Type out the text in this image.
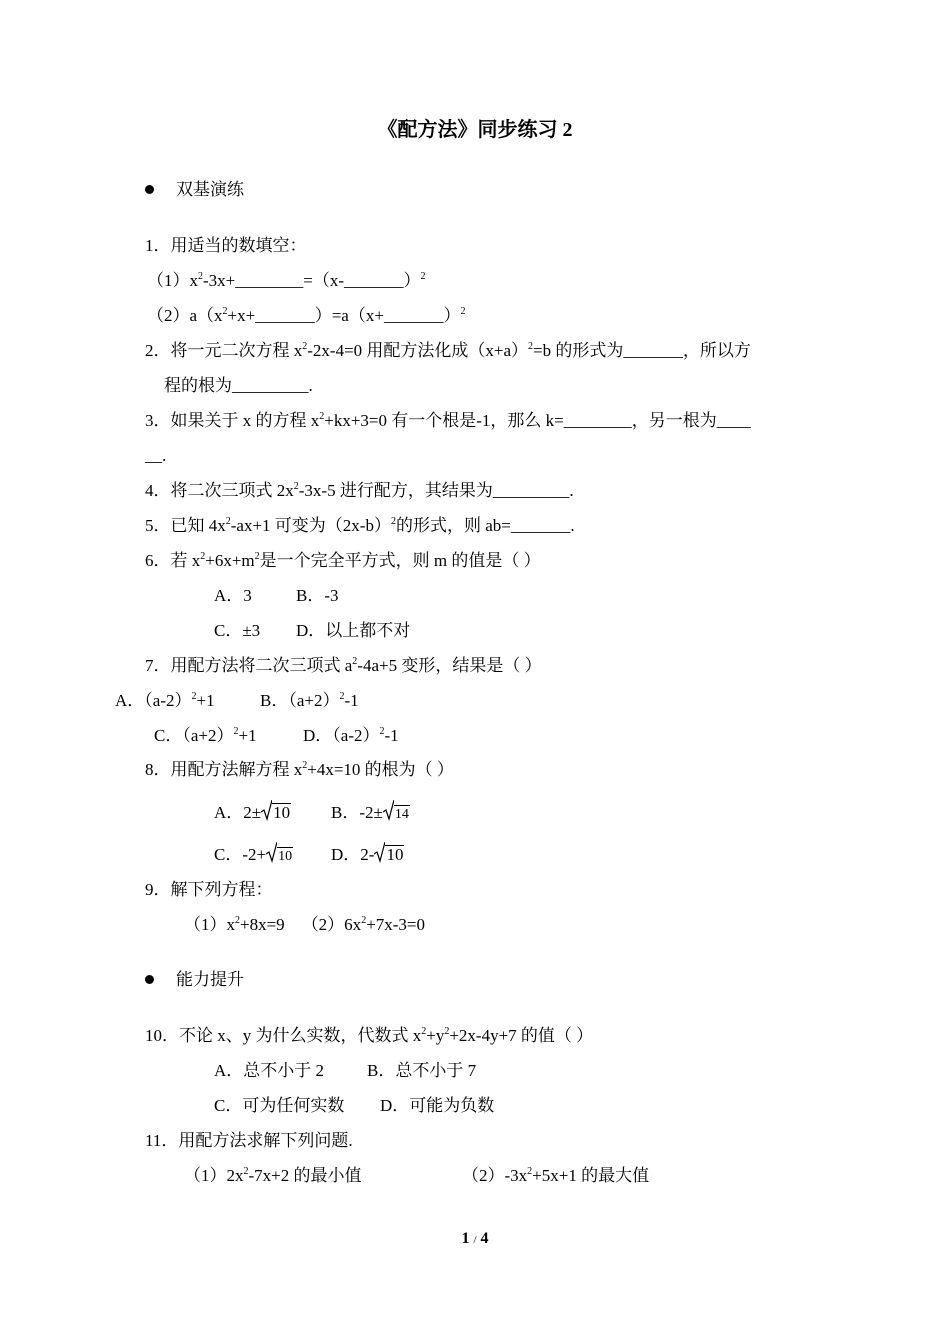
《配方法》同步练习 2
双基演练
1．用适当的数填空：
$(1)x^2-3x+\_\_\_\_\_\_\_\_=(x-\_\_\_\_\_\_\_)^2$
$(2)a(x^2+x+\_\_\_\_\_\_\_)=a(x+\_\_\_\_\_\_\_)^2$
2．将一元二次方程 $x^2-2x-4=0$ 用配方法化成$(x+a)^2=b$ 的形式为_______，所以方
程的根为_________.
3．如果关于 x 的方程 $x^2+kx+3=0$ 有一个根是-1，那么 k=________，另一根为____
__.
4．将二次三项式 $2x^2-3x-5$ 进行配方，其结果为_________.
5．已知 $4x^2-ax+1$ 可变为$(2x-b)^2$的形式，则 ab=_______.
6．若 $x^2+6x+m^2$是一个完全平方式，则 m 的值是（ ）
A．3	B．-3
C．±3 D．以上都不对
7．用配方法将二次三项式 $a^2-4a+5$ 变形，结果是（ ）
A．$(a-2)^2+1$	B．$(a+2)^2-1$
C．$(a+2)^2+1$	D．$(a-2)^2-1$
8．用配方法解方程 $x^2+4x=10$ 的根为（ ）
A．2± 10 B．-2± 14
C．-2+ 10 D．2- 10
9．解下列方程：
$(1)x^2+8x=9$ $(2)6x^2+7x-3=0$
能力提升
10．不论 x、y 为什么实数，代数式 $x^2+y^2+2x-4y+7$ 的值（ ）
A．总不小于 2	B．总不小于 7
C．可为任何实数 D．可能为负数
11．用配方法求解下列问题.
$(1)2x^2-7x+2$ 的最小值	$(2)-3x^2+5x+1$ 的最大值
1 / 4
